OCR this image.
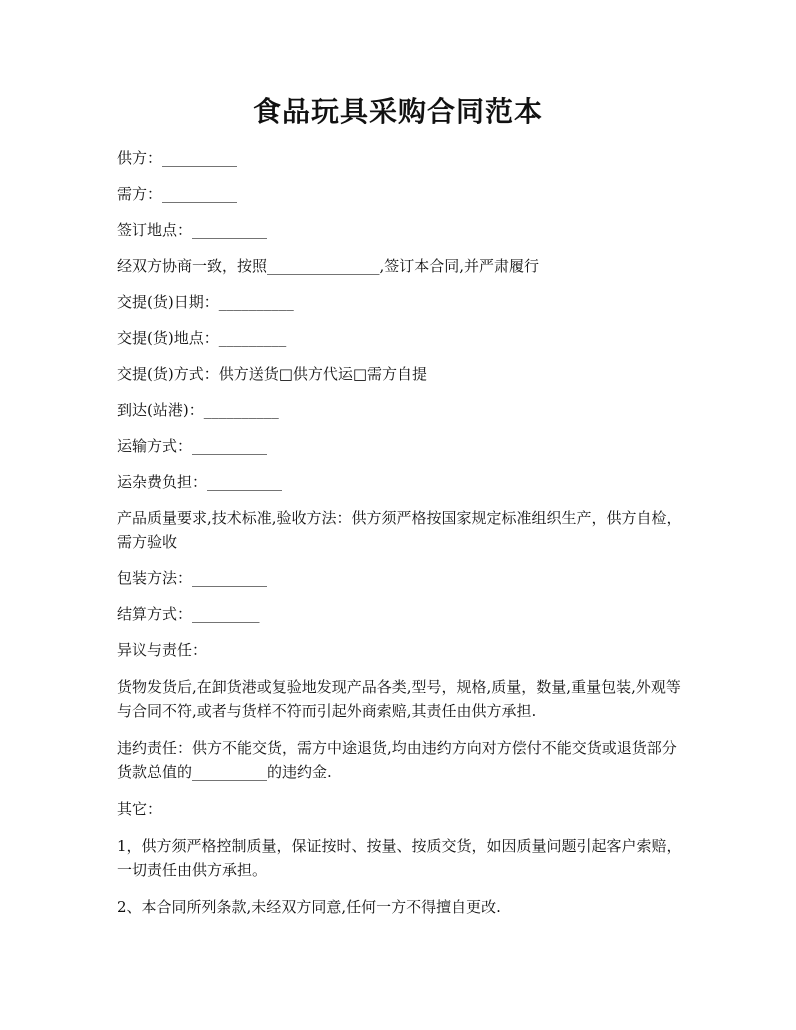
食品玩具采购合同范本

供方：__________

需方：__________

签订地点：__________

经双方协商一致，按照_______________,签订本合同,并严肃履行

交提(货)日期：__________

交提(货)地点：_________

交提(货)方式：供方送货□供方代运□需方自提

到达(站港)：__________

运输方式：__________

运杂费负担：__________

产品质量要求,技术标准,验收方法：供方须严格按国家规定标准组织生产，供方自检，需方验收

包装方法：__________

结算方式：_________

异议与责任：

货物发货后,在卸货港或复验地发现产品各类,型号，规格,质量，数量,重量包装,外观等与合同不符,或者与货样不符而引起外商索赔,其责任由供方承担.

违约责任：供方不能交货，需方中途退货,均由违约方向对方偿付不能交货或退货部分货款总值的__________的违约金.

其它：

1，供方须严格控制质量，保证按时、按量、按质交货，如因质量问题引起客户索赔，一切责任由供方承担。

2、本合同所列条款,未经双方同意,任何一方不得擅自更改.
